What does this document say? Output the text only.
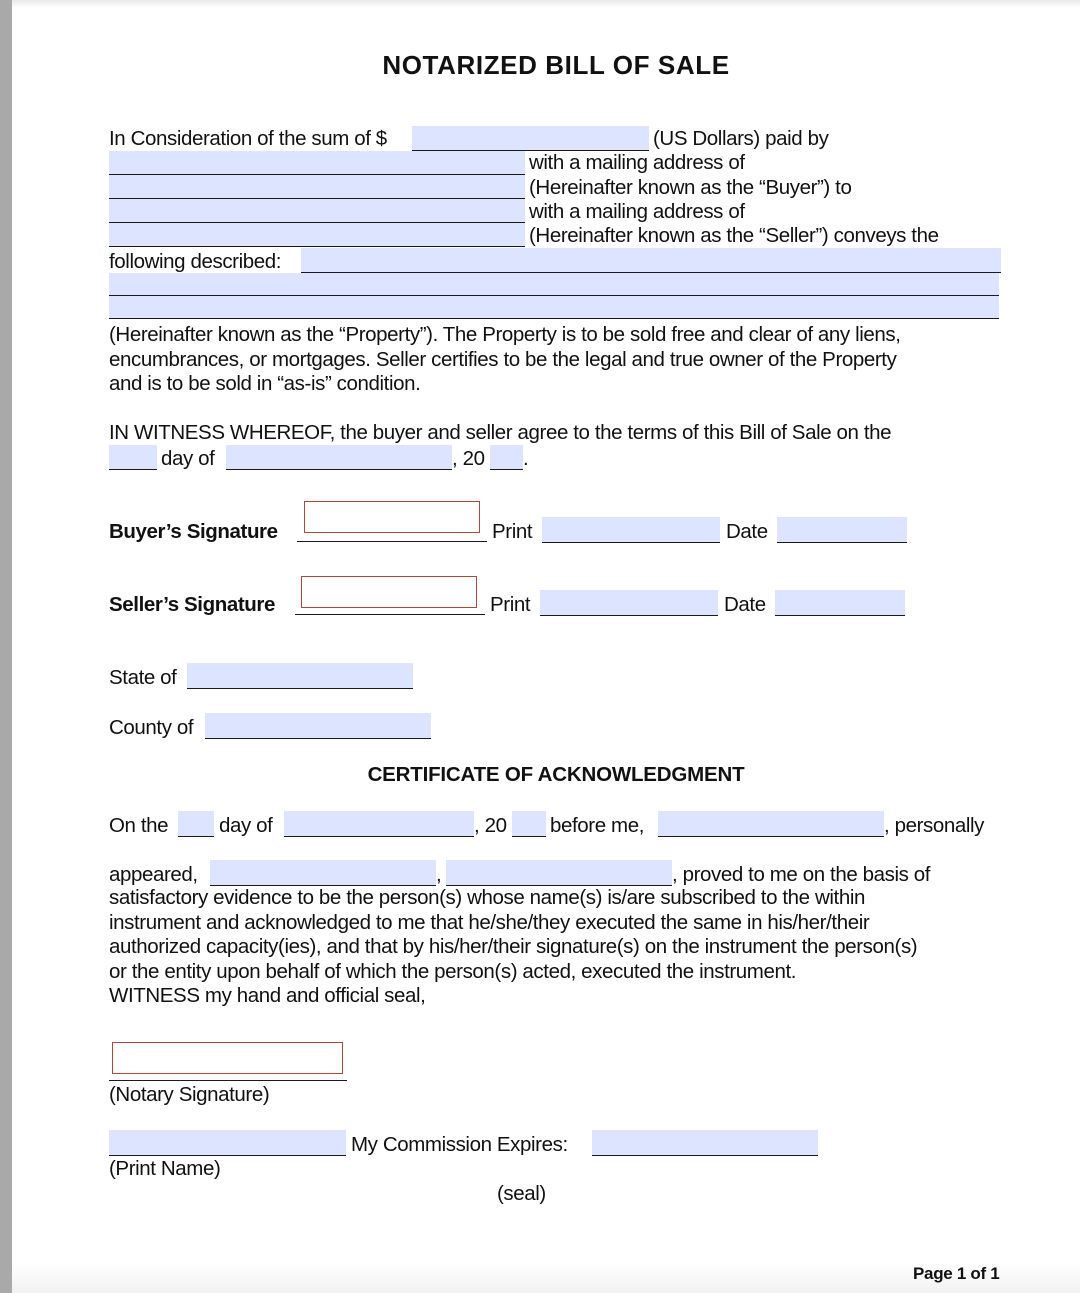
NOTARIZED BILL OF SALE
In Consideration of the sum of $	(US Dollars) paid by
with a mailing address of
(Hereinafter known as the “Buyer”) to
with a mailing address of
(Hereinafter known as the “Seller”) conveys the
following described:
(Hereinafter known as the “Property”). The Property is to be sold free and clear of any liens,
encumbrances, or mortgages. Seller certifies to be the legal and true owner of the Property
and is to be sold in “as-is” condition.
IN WITNESS WHEREOF, the buyer and seller agree to the terms of this Bill of Sale on the
day of	, 20 .
Buyer’s Signature	Print	Date
Seller’s Signature	Print	Date
State of
County of
CERTIFICATE OF ACKNOWLEDGMENT
On the day of	, 20 before me,	, personally
appeared,	,	, proved to me on the basis of
satisfactory evidence to be the person(s) whose name(s) is/are subscribed to the within
instrument and acknowledged to me that he/she/they executed the same in his/her/their
authorized capacity(ies), and that by his/her/their signature(s) on the instrument the person(s)
or the entity upon behalf of which the person(s) acted, executed the instrument.
WITNESS my hand and official seal,
(Notary Signature)
My Commission Expires:
(Print Name)
(seal)
Page 1 of 1
